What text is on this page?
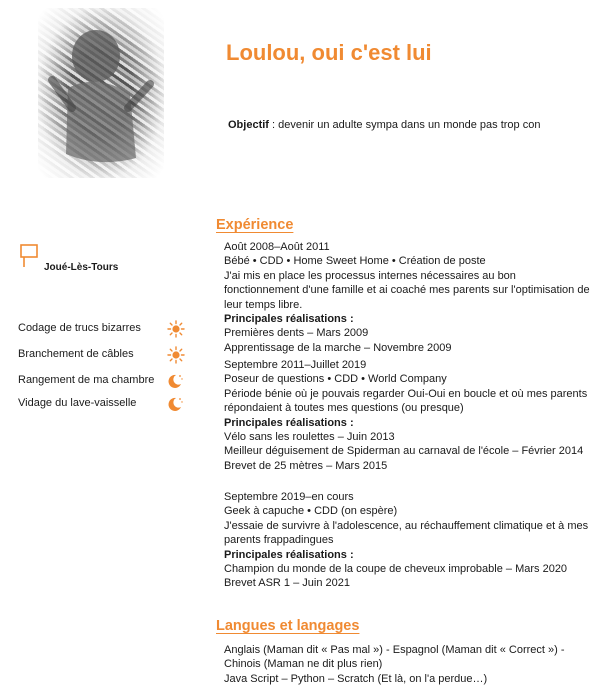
Loulou, oui c'est lui
Objectif : devenir un adulte sympa dans un monde pas trop con
Joué-Lès-Tours
Codage de trucs bizarres
Branchement de câbles
Rangement de ma chambre
Vidage du lave-vaisselle
Expérience
Août 2008–Août 2011
Bébé • CDD • Home Sweet Home • Création de poste
J'ai mis en place les processus internes nécessaires au bon fonctionnement d'une famille et ai coaché mes parents sur l'optimisation de leur temps libre.
Principales réalisations :
Premières dents – Mars 2009
Apprentissage de la marche – Novembre 2009
Septembre 2011–Juillet 2019
Poseur de questions • CDD • World Company
Période bénie où je pouvais regarder Oui-Oui en boucle et où mes parents répondaient à toutes mes questions (ou presque)
Principales réalisations :
Vélo sans les roulettes – Juin 2013
Meilleur déguisement de Spiderman au carnaval de l'école – Février 2014
Brevet de 25 mètres – Mars 2015
Septembre 2019–en cours
Geek à capuche • CDD (on espère)
J'essaie de survivre à l'adolescence, au réchauffement climatique et à mes parents frappadingues
Principales réalisations :
Champion du monde de la coupe de cheveux improbable – Mars 2020
Brevet ASR 1 – Juin 2021
Langues et langages
Anglais (Maman dit « Pas mal ») - Espagnol (Maman dit « Correct ») - Chinois (Maman ne dit plus rien)
Java Script – Python – Scratch (Et là, on l'a perdue…)
